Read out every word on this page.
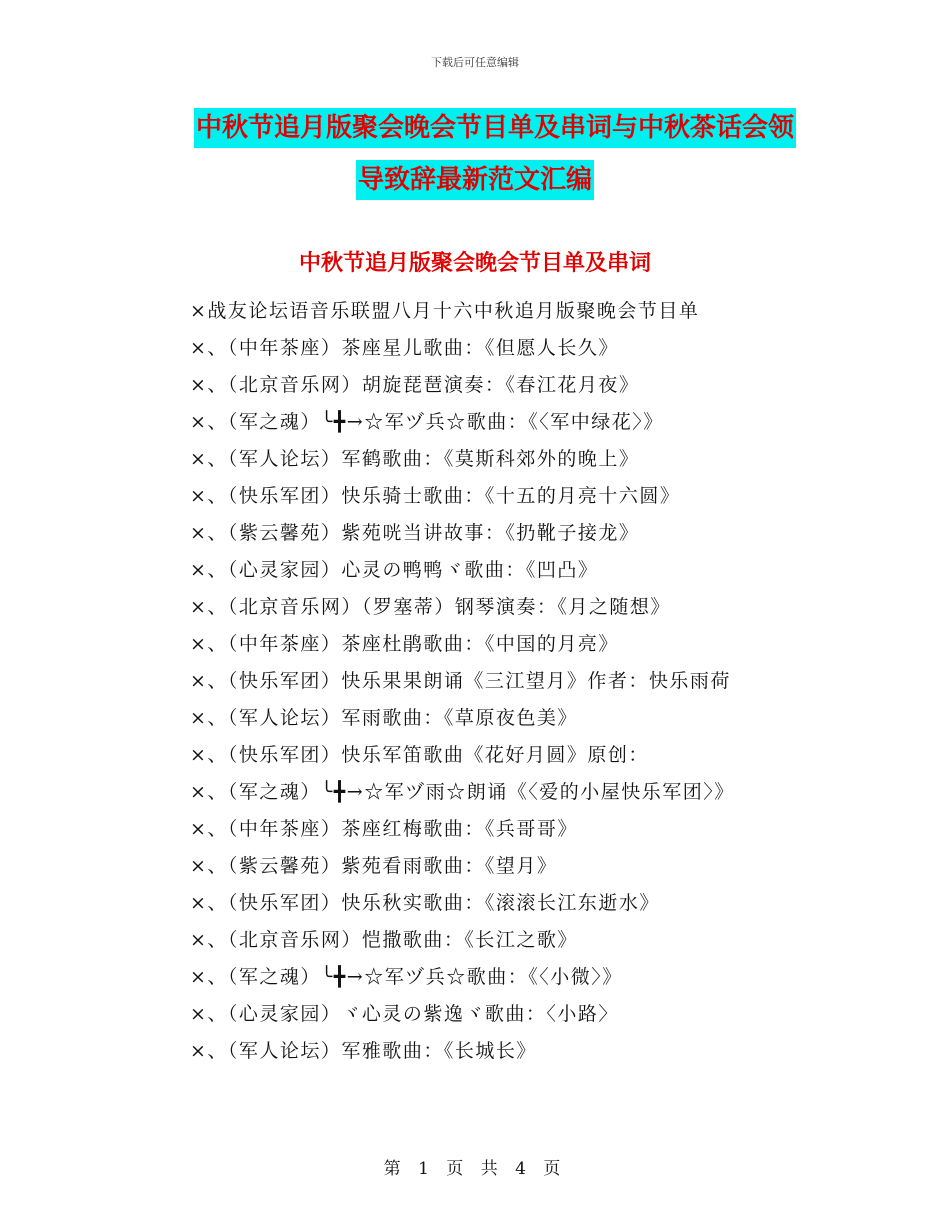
下载后可任意编辑
中秋节追月版聚会晚会节目单及串词与中秋茶话会领
导致辞最新范文汇编
中秋节追月版聚会晚会节目单及串词
×战友论坛语音乐联盟八月十六中秋追月版聚晚会节目单
×、（中年茶座）茶座星儿歌曲：《但愿人长久》
×、（北京音乐网）胡旋琵琶演奏：《春江花月夜》
×、（军之魂）╰╋→☆军ヅ兵☆歌曲：《〈军中绿花〉》
×、（军人论坛）军鹤歌曲：《莫斯科郊外的晚上》
×、（快乐军团）快乐骑士歌曲：《十五的月亮十六圆》
×、（紫云馨苑）紫苑咣当讲故事：《扔靴子接龙》
×、（心灵家园）心灵の鸭鸭ヾ歌曲：《凹凸》
×、（北京音乐网）（罗塞蒂）钢琴演奏：《月之随想》
×、（中年茶座）茶座杜鹃歌曲：《中国的月亮》
×、（快乐军团）快乐果果朗诵《三江望月》作者：快乐雨荷
×、（军人论坛）军雨歌曲：《草原夜色美》
×、（快乐军团）快乐军笛歌曲《花好月圆》原创：
×、（军之魂）╰╋→☆军ヅ雨☆朗诵《〈爱的小屋快乐军团〉》
×、（中年茶座）茶座红梅歌曲：《兵哥哥》
×、（紫云馨苑）紫苑看雨歌曲：《望月》
×、（快乐军团）快乐秋实歌曲：《滚滚长江东逝水》
×、（北京音乐网）恺撒歌曲：《长江之歌》
×、（军之魂）╰╋→☆军ヅ兵☆歌曲：《〈小微〉》
×、（心灵家园）ヾ心灵の紫逸ヾ歌曲：〈小路〉
×、（军人论坛）军雅歌曲：《长城长》
第 1 页 共 4 页
